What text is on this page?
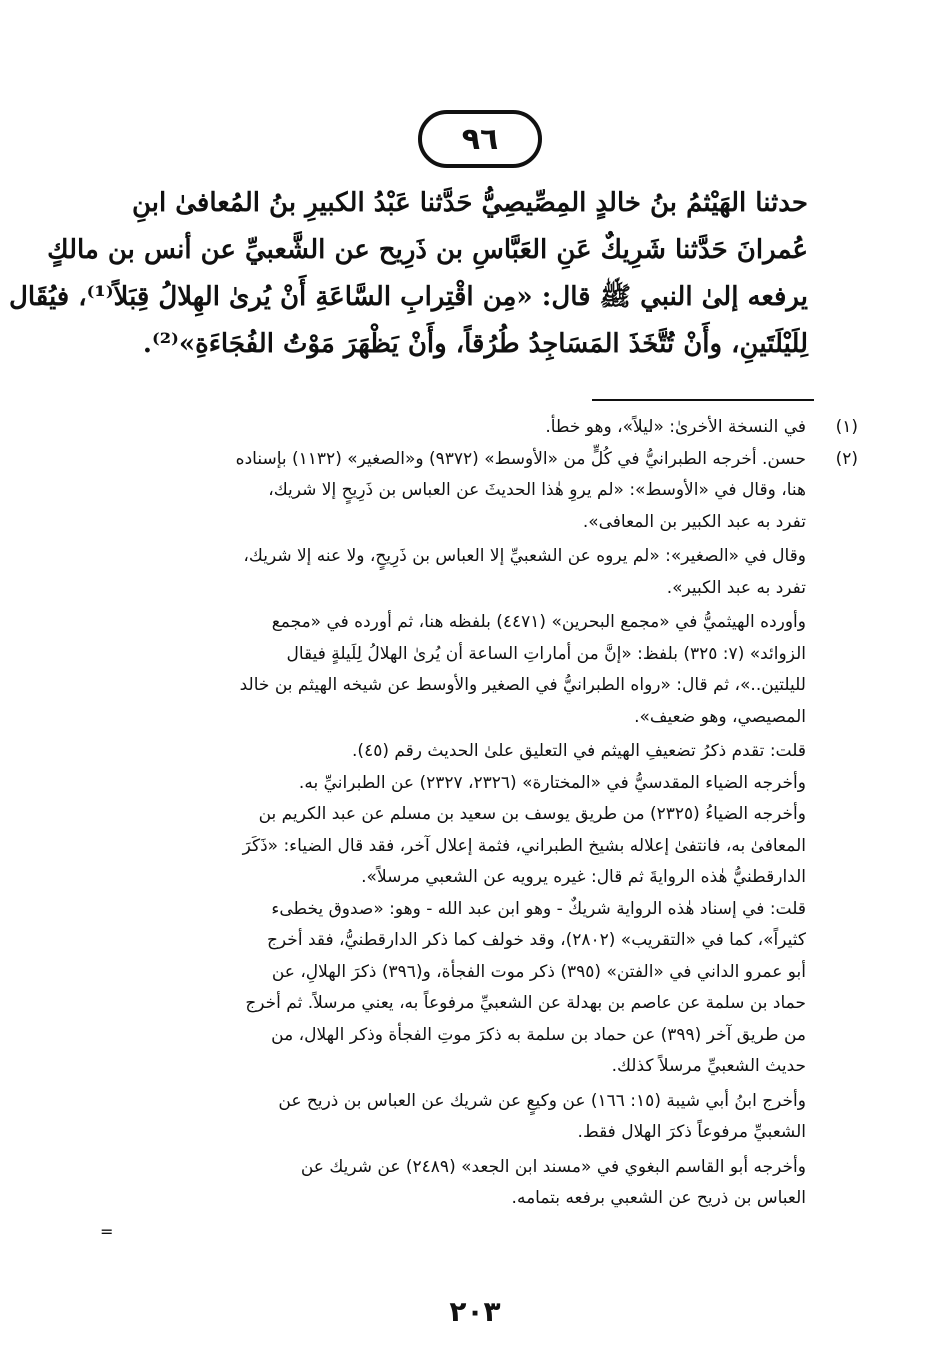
٩٦
حدثنا الهَيْثمُ بنُ خالدٍ المِصِّيصِيُّ حَدَّثنا عَبْدُ الكبيرِ بنُ المُعافىٰ ابنِ
عُمرانَ حَدَّثنا شَرِيكٌ عَنِ العَبَّاسِ بن ذَرِيح عن الشَّعبيِّ عن أنس بن مالكٍ
يرفعه إلىٰ النبي ﷺ قال: «مِن اقْتِرابِ السَّاعَةِ أَنْ يُرىٰ الهِلالُ قِبَلاً⁽¹⁾، فيُقَال
لِلَيْلَتَينِ، وأَنْ تُتَّخَذَ المَسَاجِدُ طُرُقاً، وأَنْ يَظْهَرَ مَوْتُ الفُجَاءَةِ»⁽²⁾.
(١)
في النسخة الأخرىٰ: «ليلاً»، وهو خطأ.
(٢)
حسن. أخرجه الطبرانيُّ في كُلٍّ من «الأوسط» (٩٣٧٢) و«الصغير» (١١٣٢) بإسناده
هنا، وقال في «الأوسط»: «لم يروِ هٰذا الحديثَ عن العباس بن ذَرِيحٍ إلا شريك،
تفرد به عبد الكبير بن المعافى».
وقال في «الصغير»: «لم يروه عن الشعبيِّ إلا العباس بن ذَرِيحٍ، ولا عنه إلا شريك،
تفرد به عبد الكبير».
وأورده الهيثميُّ في «مجمع البحرين» (٤٤٧١) بلفظه هنا، ثم أورده في «مجمع
الزوائد» (٧: ٣٢٥) بلفظ: «إنَّ من أماراتِ الساعة أن يُرىٰ الهلالُ لِلَيلةٍ فيقال
لليلتين..»، ثم قال: «رواه الطبرانيُّ في الصغير والأوسط عن شيخه الهيثم بن خالد
المصيصي، وهو ضعيف».
قلت: تقدم ذكرُ تضعيفِ الهيثم في التعليق علىٰ الحديث رقم (٤٥).
وأخرجه الضياء المقدسيُّ في «المختارة» (٢٣٢٦، ٢٣٢٧) عن الطبرانيِّ به.
وأخرجه الضياءُ (٢٣٢٥) من طريق يوسف بن سعيد بن مسلم عن عبد الكريم بن
المعافىٰ به، فانتفىٰ إعلاله بشيخ الطبراني، فثمة إعلال آخر، فقد قال الضياء: «ذَكَرَ
الدارقطنيُّ هٰذه الروايةَ ثم قال: غيره يرويه عن الشعبي مرسلاً».
قلت: في إسناد هٰذه الرواية شريكٌ - وهو ابن عبد الله - وهو: «صدوق يخطىء
كثيراً»، كما في «التقريب» (٢٨٠٢)، وقد خولف كما ذكر الدارقطنيُّ، فقد أخرج
أبو عمرو الداني في «الفتن» (٣٩٥) ذكر موت الفجأة، و(٣٩٦) ذكرَ الهلالِ، عن
حماد بن سلمة عن عاصم بن بهدلة عن الشعبيِّ مرفوعاً به، يعني مرسلاً. ثم أخرج
من طريق آخر (٣٩٩) عن حماد بن سلمة به ذكرَ موتِ الفجأة وذكر الهلال، من
حديث الشعبيِّ مرسلاً كذلك.
وأخرج ابنُ أبي شيبة (١٥: ١٦٦) عن وكيعٍ عن شريك عن العباس بن ذريح عن
الشعبيِّ مرفوعاً ذكرَ الهلال فقط.
وأخرجه أبو القاسم البغوي في «مسند ابن الجعد» (٢٤٨٩) عن شريك عن
العباس بن ذريح عن الشعبي برفعه بتمامه.
=
٢٠٣
